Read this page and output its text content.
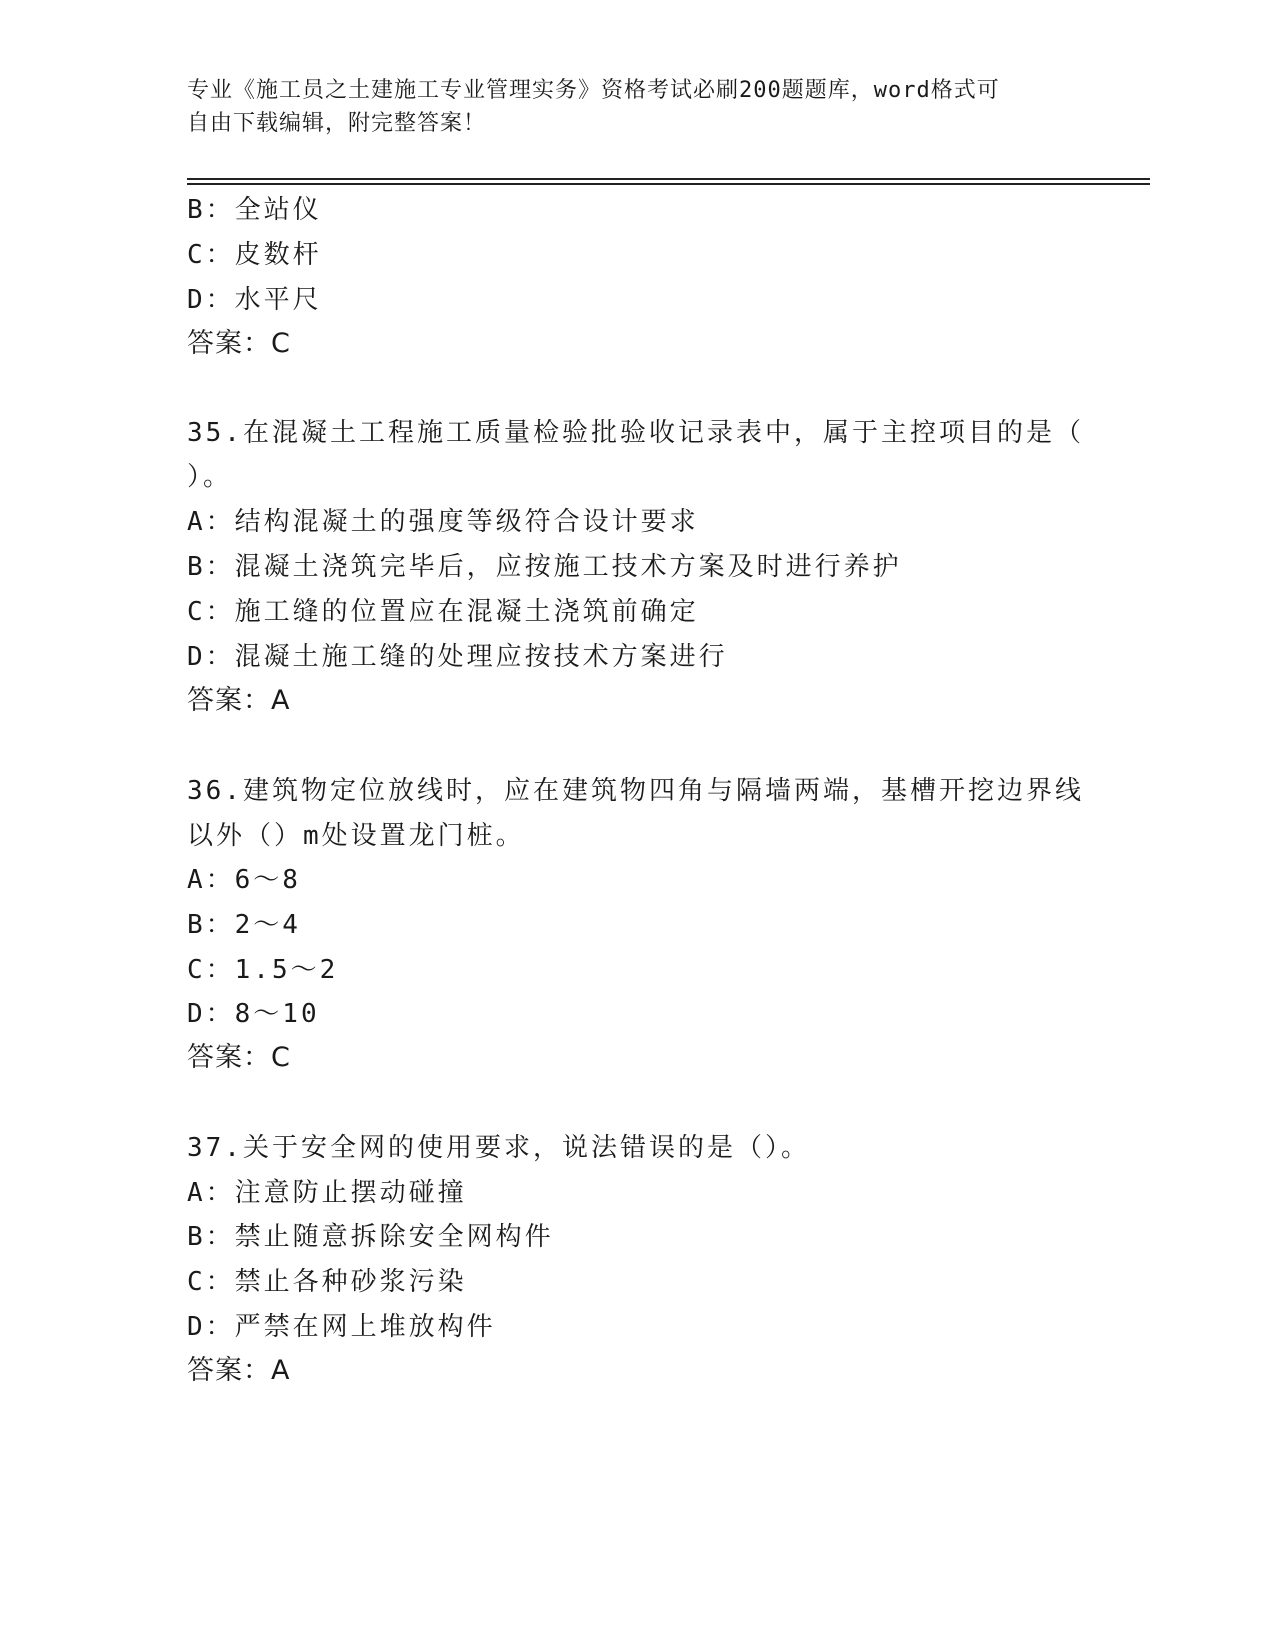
专业《施工员之土建施工专业管理实务》资格考试必刷200题题库，word格式可
自由下载编辑，附完整答案！
B：全站仪
C：皮数杆
D：水平尺
答案：C
35.在混凝土工程施工质量检验批验收记录表中，属于主控项目的是（
）。
A：结构混凝土的强度等级符合设计要求
B：混凝土浇筑完毕后，应按施工技术方案及时进行养护
C：施工缝的位置应在混凝土浇筑前确定
D：混凝土施工缝的处理应按技术方案进行
答案：A
36.建筑物定位放线时，应在建筑物四角与隔墙两端，基槽开挖边界线
以外（）m处设置龙门桩。
A：6～8
B：2～4
C：1.5～2
D：8～10
答案：C
37.关于安全网的使用要求，说法错误的是（）。
A：注意防止摆动碰撞
B：禁止随意拆除安全网构件
C：禁止各种砂浆污染
D：严禁在网上堆放构件
答案：A
